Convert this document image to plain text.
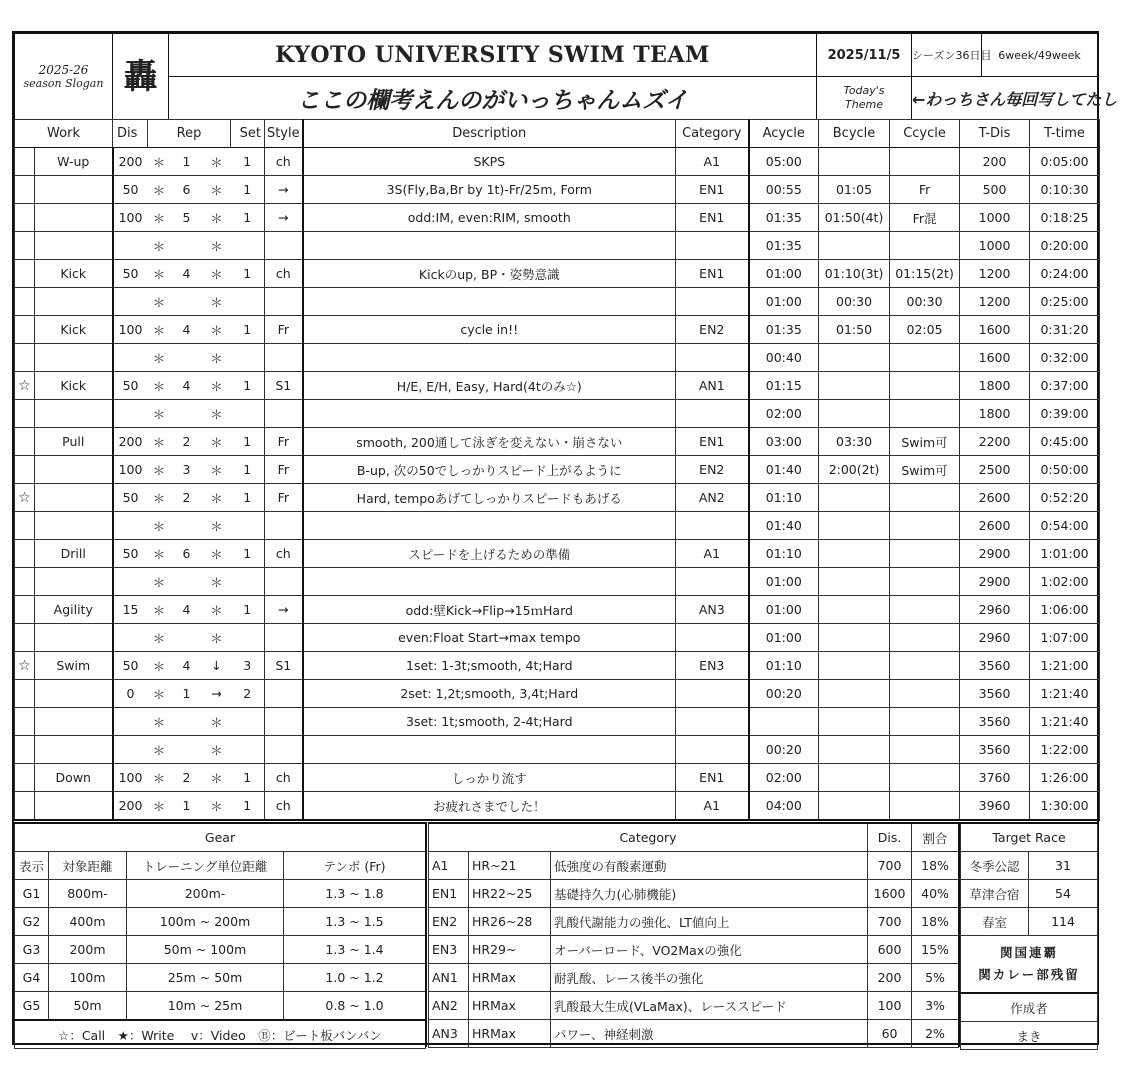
2025-26
season Slogan	轟	KYOTO UNIVERSITY SWIM TEAM	2025/11/5	シーズン36日目	6week/49week
		ここの欄考えんのがいっちゃんムズイ	Today's
Theme	←わっちさん毎回写してたし	
Work		Dis	Rep			Set	Style	Description	Category	Acycle	Bcycle	Ccycle	T-Dis	T-time
	W-up	200	＊	1	＊	1	ch	SKPS	A1	05:00			200	0:05:00
		50	＊	6	＊	1	→	3S(Fly,Ba,Br by 1t)-Fr/25m, Form	EN1	00:55	01:05	Fr	500	0:10:30
		100	＊	5	＊	1	→	odd:IM, even:RIM, smooth	EN1	01:35	01:50(4t)	Fr混	1000	0:18:25
			＊		＊					01:35			1000	0:20:00
	Kick	50	＊	4	＊	1	ch	Kickのup, BP・姿勢意識	EN1	01:00	01:10(3t)	01:15(2t)	1200	0:24:00
			＊		＊					01:00	00:30	00:30	1200	0:25:00
	Kick	100	＊	4	＊	1	Fr	cycle in!!	EN2	01:35	01:50	02:05	1600	0:31:20
			＊		＊					00:40			1600	0:32:00
☆	Kick	50	＊	4	＊	1	S1	H/E, E/H, Easy, Hard(4tのみ☆)	AN1	01:15			1800	0:37:00
			＊		＊					02:00			1800	0:39:00
	Pull	200	＊	2	＊	1	Fr	smooth, 200通して泳ぎを変えない・崩さない	EN1	03:00	03:30	Swim可	2200	0:45:00
		100	＊	3	＊	1	Fr	B-up, 次の50でしっかりスピード上がるように	EN2	01:40	2:00(2t)	Swim可	2500	0:50:00
☆		50	＊	2	＊	1	Fr	Hard, tempoあげてしっかりスピードもあげる	AN2	01:10			2600	0:52:20
			＊		＊					01:40			2600	0:54:00
	Drill	50	＊	6	＊	1	ch	スピードを上げるための準備	A1	01:10			2900	1:01:00
			＊		＊					01:00			2900	1:02:00
	Agility	15	＊	4	＊	1	→	odd:壁Kick→Flip→15ｍHard	AN3	01:00			2960	1:06:00
			＊		＊			even:Float Start→max tempo		01:00			2960	1:07:00
☆	Swim	50	＊	4	↓	3	S1	1set: 1-3t;smooth, 4t;Hard	EN3	01:10			3560	1:21:00
		0	＊	1	→	2		2set: 1,2t;smooth, 3,4t;Hard		00:20			3560	1:21:40
			＊		＊			3set: 1t;smooth, 2-4t;Hard					3560	1:21:40
			＊		＊					00:20			3560	1:22:00
	Down	100	＊	2	＊	1	ch	しっかり流す	EN1	02:00			3760	1:26:00
		200	＊	1	＊	1	ch	お疲れさまでした！	A1	04:00			3960	1:30:00
Gear			
表示	対象距離	トレーニング単位距離	テンポ (Fr)
G1	800m-	200m-	1.3 ~ 1.8
G2	400m	100m ~ 200m	1.3 ~ 1.5
G3	200m	50m ~ 100m	1.3 ~ 1.4
G4	100m	25m ~ 50m	1.0 ~ 1.2
G5	50m	10m ~ 25m	0.8 ~ 1.0
☆：Call　★：Write　 v：Video　Ⓑ：ビート板バンバン			
Category			Dis.	割合
A1	HR~21	低強度の有酸素運動	700	18%
EN1	HR22~25	基礎持久力(心肺機能)	1600	40%
EN2	HR26~28	乳酸代謝能力の強化、LT値向上	700	18%
EN3	HR29~	オーバーロード、VO2Maxの強化	600	15%
AN1	HRMax	耐乳酸、レース後半の強化	200	5%
AN2	HRMax	乳酸最大生成(VLaMax)、レーススピード	100	3%
AN3	HRMax	パワー、神経刺激	60	2%
Target Race	
冬季公認	31
草津合宿	54
春室	114

関国連覇
関カレー部残留	

作成者	
まき	
